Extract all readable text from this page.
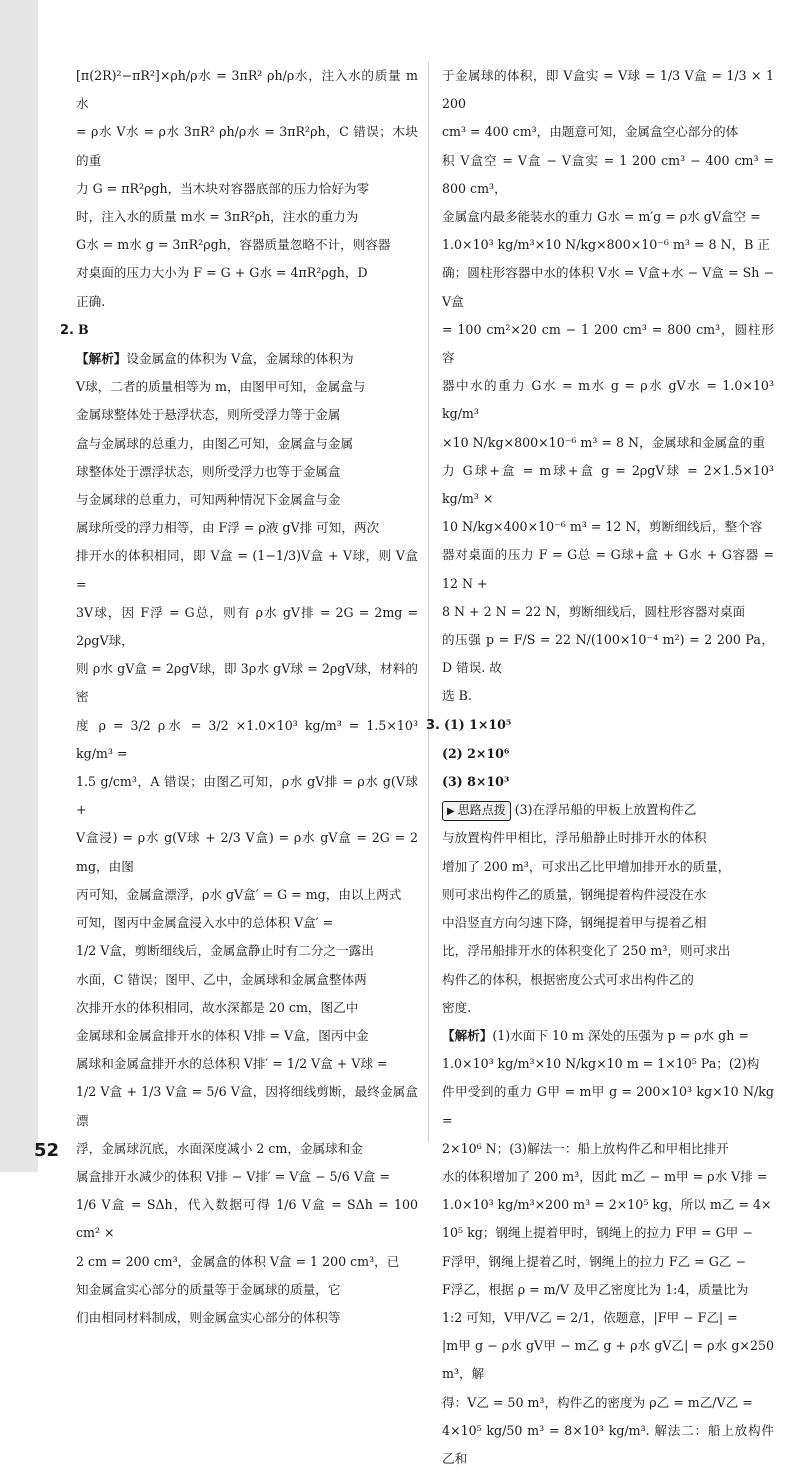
[π(2R)²−πR²]×ρh/ρ水 = 3πR² ρh/ρ水，注入水的质量 m水

= ρ水 V水 = ρ水 3πR² ρh/ρ水 = 3πR²ρh，C 错误；木块的重

力 G = πR²ρgh，当木块对容器底部的压力恰好为零

时，注入水的质量 m水 = 3πR²ρh，注水的重力为

G水 = m水 g = 3πR²ρgh，容器质量忽略不计，则容器

对桌面的压力大小为 F = G + G水 = 4πR²ρgh，D

正确.

2. B

【解析】设金属盒的体积为 V盒，金属球的体积为

V球，二者的质量相等为 m，由图甲可知，金属盒与

金属球整体处于悬浮状态，则所受浮力等于金属

盒与金属球的总重力，由图乙可知，金属盒与金属

球整体处于漂浮状态，则所受浮力也等于金属盒

与金属球的总重力，可知两种情况下金属盒与金

属球所受的浮力相等，由 F浮 = ρ液 gV排 可知，两次

排开水的体积相同，即 V盒 = (1−1/3)V盒 + V球，则 V盒 =

3V球，因 F浮 = G总，则有 ρ水 gV排 = 2G = 2mg = 2ρgV球，

则 ρ水 gV盒 = 2ρgV球，即 3ρ水 gV球 = 2ρgV球，材料的密

度 ρ = 3/2 ρ水 = 3/2 ×1.0×10³ kg/m³ = 1.5×10³ kg/m³ =

1.5 g/cm³，A 错误；由图乙可知，ρ水 gV排 = ρ水 g(V球 +

V盒浸) = ρ水 g(V球 + 2/3 V盒) = ρ水 gV盒 = 2G = 2 mg，由图

丙可知，金属盒漂浮，ρ水 gV盒′ = G = mg，由以上两式

可知，图丙中金属盒浸入水中的总体积 V盒′ =

1/2 V盒，剪断细线后，金属盒静止时有二分之一露出

水面，C 错误；图甲、乙中，金属球和金属盒整体两

次排开水的体积相同，故水深都是 20 cm，图乙中

金属球和金属盒排开水的体积 V排 = V盒，图丙中金

属球和金属盒排开水的总体积 V排′ = 1/2 V盒 + V球 =

1/2 V盒 + 1/3 V盒 = 5/6 V盒，因将细线剪断，最终金属盒漂

浮，金属球沉底，水面深度减小 2 cm，金属球和金

属盒排开水减少的体积 V排 − V排′ = V盒 − 5/6 V盒 =

1/6 V盒 = SΔh，代入数据可得 1/6 V盒 = SΔh = 100 cm² ×

2 cm = 200 cm³，金属盒的体积 V盒 = 1 200 cm³，已

知金属盒实心部分的质量等于金属球的质量，它

们由相同材料制成，则金属盒实心部分的体积等

于金属球的体积，即 V盒实 = V球 = 1/3 V盒 = 1/3 × 1 200

cm³ = 400 cm³，由题意可知，金属盒空心部分的体

积 V盒空 = V盒 − V盒实 = 1 200 cm³ − 400 cm³ = 800 cm³，

金属盒内最多能装水的重力 G水 = m′g = ρ水 gV盒空 =

1.0×10³ kg/m³×10 N/kg×800×10⁻⁶ m³ = 8 N，B 正

确；圆柱形容器中水的体积 V水 = V盒+水 − V盒 = Sh − V盒

= 100 cm²×20 cm − 1 200 cm³ = 800 cm³，圆柱形容

器中水的重力 G水 = m水 g = ρ水 gV水 = 1.0×10³ kg/m³

×10 N/kg×800×10⁻⁶ m³ = 8 N，金属球和金属盒的重

力 G球+盒 = m球+盒 g = 2ρgV球 = 2×1.5×10³ kg/m³ ×

10 N/kg×400×10⁻⁶ m³ = 12 N，剪断细线后，整个容

器对桌面的压力 F = G总 = G球+盒 + G水 + G容器 = 12 N +

8 N + 2 N = 22 N，剪断细线后，圆柱形容器对桌面

的压强 p = F/S = 22 N/(100×10⁻⁴ m²) = 2 200 Pa，D 错误. 故

选 B.

3. (1) 1×10⁵

(2) 2×10⁶

(3) 8×10³

▶ 思路点拨 (3)在浮吊船的甲板上放置构件乙

与放置构件甲相比，浮吊船静止时排开水的体积

增加了 200 m³，可求出乙比甲增加排开水的质量，

则可求出构件乙的质量，钢绳提着构件浸没在水

中沿竖直方向匀速下降，钢绳提着甲与提着乙相

比，浮吊船排开水的体积变化了 250 m³，则可求出

构件乙的体积，根据密度公式可求出构件乙的

密度.

【解析】(1)水面下 10 m 深处的压强为 p = ρ水 gh =

1.0×10³ kg/m³×10 N/kg×10 m = 1×10⁵ Pa；(2)构

件甲受到的重力 G甲 = m甲 g = 200×10³ kg×10 N/kg =

2×10⁶ N；(3)解法一：船上放构件乙和甲相比排开

水的体积增加了 200 m³，因此 m乙 − m甲 = ρ水 V排 =

1.0×10³ kg/m³×200 m³ = 2×10⁵ kg，所以 m乙 = 4×

10⁵ kg；钢绳上提着甲时，钢绳上的拉力 F甲 = G甲 −

F浮甲，钢绳上提着乙时，钢绳上的拉力 F乙 = G乙 −

F浮乙，根据 ρ = m/V 及甲乙密度比为 1:4，质量比为

1:2 可知，V甲/V乙 = 2/1，依题意，|F甲 − F乙| =

|m甲 g − ρ水 gV甲 − m乙 g + ρ水 gV乙| = ρ水 g×250 m³，解

得：V乙 = 50 m³，构件乙的密度为 ρ乙 = m乙/V乙 =

4×10⁵ kg/50 m³ = 8×10³ kg/m³. 解法二：船上放构件乙和

52
